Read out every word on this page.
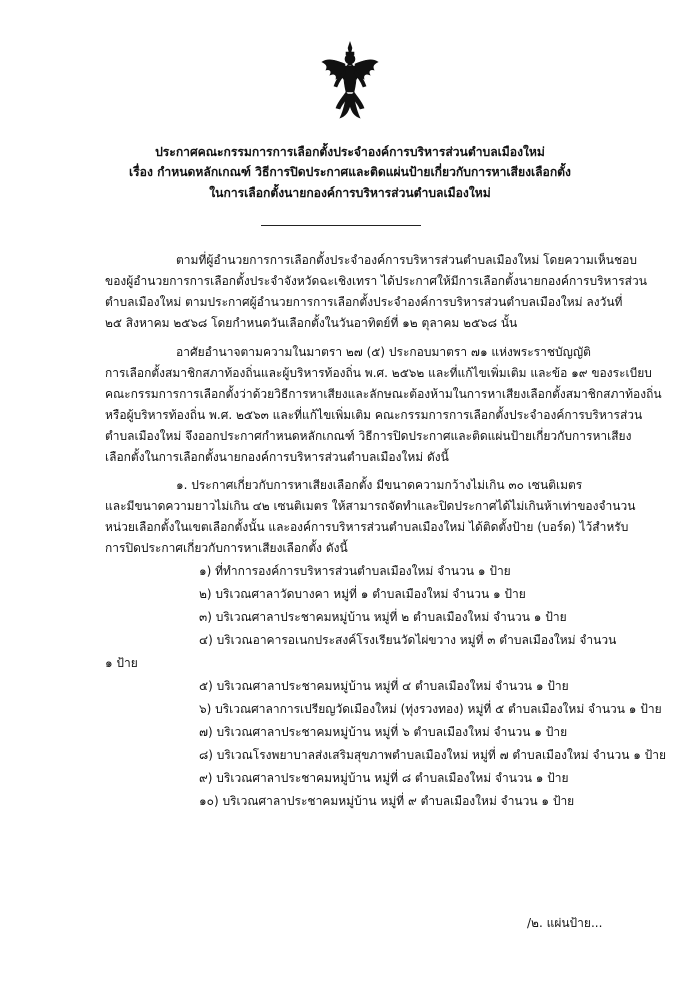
ประกาศคณะกรรมการการเลือกตั้งประจำองค์การบริหารส่วนตำบลเมืองใหม่
เรื่อง กำหนดหลักเกณฑ์ วิธีการปิดประกาศและติดแผ่นป้ายเกี่ยวกับการหาเสียงเลือกตั้ง
ในการเลือกตั้งนายกองค์การบริหารส่วนตำบลเมืองใหม่
ตามที่ผู้อำนวยการการเลือกตั้งประจำองค์การบริหารส่วนตำบลเมืองใหม่ โดยความเห็นชอบ
ของผู้อำนวยการการเลือกตั้งประจำจังหวัดฉะเชิงเทรา ได้ประกาศให้มีการเลือกตั้งนายกองค์การบริหารส่วน
ตำบลเมืองใหม่ ตามประกาศผู้อำนวยการการเลือกตั้งประจำองค์การบริหารส่วนตำบลเมืองใหม่ ลงวันที่
๒๕ สิงหาคม ๒๕๖๘ โดยกำหนดวันเลือกตั้งในวันอาทิตย์ที่ ๑๒ ตุลาคม ๒๕๖๘ นั้น
อาศัยอำนาจตามความในมาตรา ๒๗ (๕) ประกอบมาตรา ๗๑ แห่งพระราชบัญญัติ
การเลือกตั้งสมาชิกสภาท้องถิ่นและผู้บริหารท้องถิ่น พ.ศ. ๒๕๖๒ และที่แก้ไขเพิ่มเติม และข้อ ๑๙ ของระเบียบ
คณะกรรมการการเลือกตั้งว่าด้วยวิธีการหาเสียงและลักษณะต้องห้ามในการหาเสียงเลือกตั้งสมาชิกสภาท้องถิ่น
หรือผู้บริหารท้องถิ่น พ.ศ. ๒๕๖๓ และที่แก้ไขเพิ่มเติม คณะกรรมการการเลือกตั้งประจำองค์การบริหารส่วน
ตำบลเมืองใหม่ จึงออกประกาศกำหนดหลักเกณฑ์ วิธีการปิดประกาศและติดแผ่นป้ายเกี่ยวกับการหาเสียง
เลือกตั้งในการเลือกตั้งนายกองค์การบริหารส่วนตำบลเมืองใหม่ ดังนี้
๑. ประกาศเกี่ยวกับการหาเสียงเลือกตั้ง มีขนาดความกว้างไม่เกิน ๓๐ เซนติเมตร
และมีขนาดความยาวไม่เกิน ๔๒ เซนติเมตร ให้สามารถจัดทำและปิดประกาศได้ไม่เกินห้าเท่าของจำนวน
หน่วยเลือกตั้งในเขตเลือกตั้งนั้น และองค์การบริหารส่วนตำบลเมืองใหม่ ได้ติดตั้งป้าย (บอร์ด) ไว้สำหรับ
การปิดประกาศเกี่ยวกับการหาเสียงเลือกตั้ง ดังนี้
๑) ที่ทำการองค์การบริหารส่วนตำบลเมืองใหม่ จำนวน ๑ ป้าย
๒) บริเวณศาลาวัดบางคา หมู่ที่ ๑ ตำบลเมืองใหม่ จำนวน ๑ ป้าย
๓) บริเวณศาลาประชาคมหมู่บ้าน หมู่ที่ ๒ ตำบลเมืองใหม่ จำนวน ๑ ป้าย
๔) บริเวณอาคารอเนกประสงค์โรงเรียนวัดไผ่ขวาง หมู่ที่ ๓ ตำบลเมืองใหม่ จำนวน
๑ ป้าย
๕) บริเวณศาลาประชาคมหมู่บ้าน หมู่ที่ ๔ ตำบลเมืองใหม่ จำนวน ๑ ป้าย
๖) บริเวณศาลาการเปรียญวัดเมืองใหม่ (ทุ่งรวงทอง) หมู่ที่ ๕ ตำบลเมืองใหม่ จำนวน ๑ ป้าย
๗) บริเวณศาลาประชาคมหมู่บ้าน หมู่ที่ ๖ ตำบลเมืองใหม่ จำนวน ๑ ป้าย
๘) บริเวณโรงพยาบาลส่งเสริมสุขภาพตำบลเมืองใหม่ หมู่ที่ ๗ ตำบลเมืองใหม่ จำนวน ๑ ป้าย
๙) บริเวณศาลาประชาคมหมู่บ้าน หมู่ที่ ๘ ตำบลเมืองใหม่ จำนวน ๑ ป้าย
๑๐) บริเวณศาลาประชาคมหมู่บ้าน หมู่ที่ ๙ ตำบลเมืองใหม่ จำนวน ๑ ป้าย
/๒. แผ่นป้าย...
